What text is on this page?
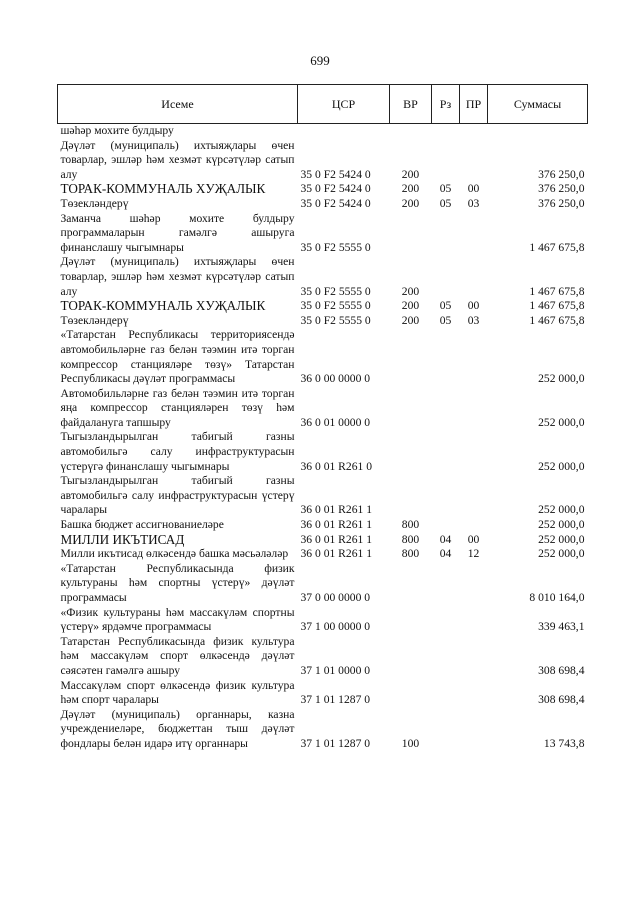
699
Исеме	ЦСР	ВР	Рз	ПР	Суммасы
шәһәр мохите булдыру					
Дәүләт (муниципаль) ихтыяҗлары өчен товарлар, эшләр һәм хезмәт күрсәтүләр сатып алу	35 0 F2 5424 0	200			376 250,0
ТОРАК-КОММУНАЛЬ ХУҖАЛЫК	35 0 F2 5424 0	200	05	00	376 250,0
Төзекләндерү	35 0 F2 5424 0	200	05	03	376 250,0
Заманча шәһәр мохите булдыру программаларын гамәлгә ашыруга финанслашу чыгымнары	35 0 F2 5555 0				1 467 675,8
Дәүләт (муниципаль) ихтыяҗлары өчен товарлар, эшләр һәм хезмәт күрсәтүләр сатып алу	35 0 F2 5555 0	200			1 467 675,8
ТОРАК-КОММУНАЛЬ ХУҖАЛЫК	35 0 F2 5555 0	200	05	00	1 467 675,8
Төзекләндерү	35 0 F2 5555 0	200	05	03	1 467 675,8
«Татарстан Республикасы территориясендә автомобильләрне газ белән тәэмин итә торган компрессор станцияләре төзү» Татарстан Республикасы дәүләт программасы	36 0 00 0000 0				252 000,0
Автомобильләрне газ белән тәэмин итә торган яңа компрессор станцияләрен төзү һәм файдалануга тапшыру	36 0 01 0000 0				252 000,0
Тыгызландырылган табигый газны автомобильгә салу инфраструктурасын үстерүгә финанслашу чыгымнары	36 0 01 R261 0				252 000,0
Тыгызландырылган табигый газны автомобильгә салу инфраструктурасын үстерү чаралары	36 0 01 R261 1				252 000,0
Башка бюджет ассигнованиеләре	36 0 01 R261 1	800			252 000,0
МИЛЛИ ИКЪТИСАД	36 0 01 R261 1	800	04	00	252 000,0
Милли икътисад өлкәсендә башка мәсьәләләр	36 0 01 R261 1	800	04	12	252 000,0
«Татарстан Республикасында физик культураны һәм спортны үстерү» дәүләт программасы	37 0 00 0000 0				8 010 164,0
«Физик культураны һәм массакүләм спортны үстерү» ярдәмче программасы	37 1 00 0000 0				339 463,1
Татарстан Республикасында физик культура һәм массакүләм спорт өлкәсендә дәүләт сәясәтен гамәлгә ашыру	37 1 01 0000 0				308 698,4
Массакүләм спорт өлкәсендә физик культура һәм спорт чаралары	37 1 01 1287 0				308 698,4
Дәүләт (муниципаль) органнары, казна учреждениеләре, бюджеттан тыш дәүләт фондлары белән идарә итү органнары	37 1 01 1287 0	100			13 743,8
